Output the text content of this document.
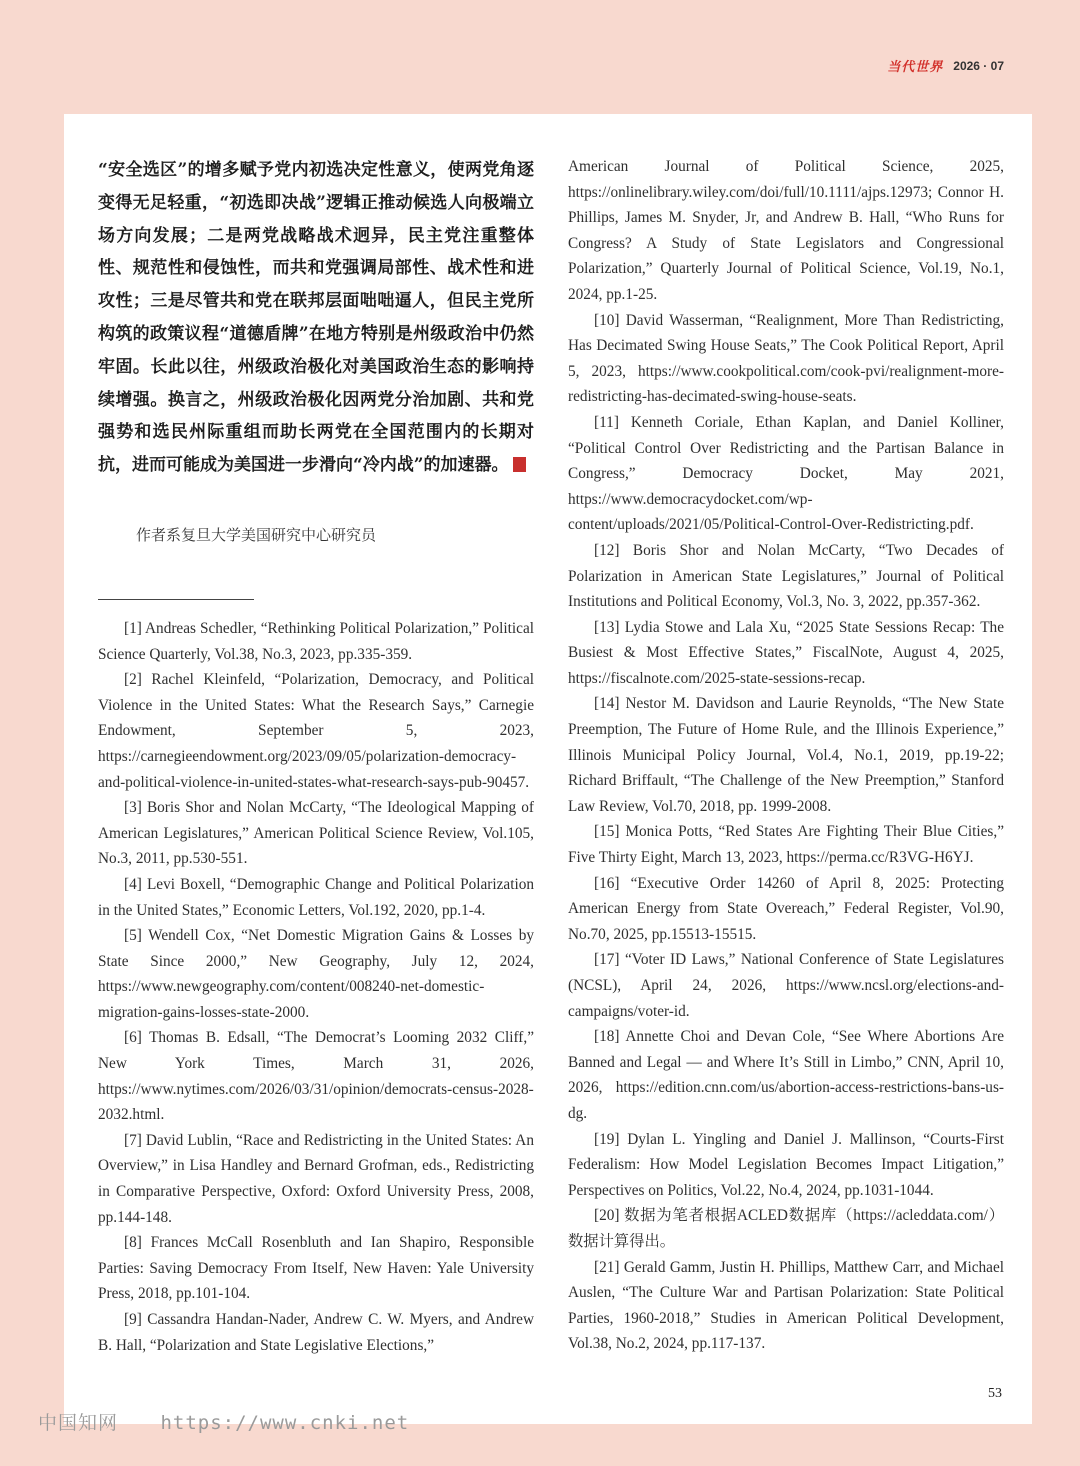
当代世界 2026 · 07

“安全选区”的增多赋予党内初选决定性意义，使两党角逐变得无足轻重，“初选即决战”逻辑正推动候选人向极端立场方向发展；二是两党战略战术迥异，民主党注重整体性、规范性和侵蚀性，而共和党强调局部性、战术性和进攻性；三是尽管共和党在联邦层面咄咄逼人，但民主党所构筑的政策议程“道德盾牌”在地方特别是州级政治中仍然牢固。长此以往，州级政治极化对美国政治生态的影响持续增强。换言之，州级政治极化因两党分治加剧、共和党强势和选民州际重组而助长两党在全国范围内的长期对抗，进而可能成为美国进一步滑向“冷内战”的加速器。

作者系复旦大学美国研究中心研究员

[1] Andreas Schedler, “Rethinking Political Polarization,” Political Science Quarterly, Vol.38, No.3, 2023, pp.335-359.

[2] Rachel Kleinfeld, “Polarization, Democracy, and Political Violence in the United States: What the Research Says,” Carnegie Endowment, September 5, 2023, https://carnegieendowment.org/2023/09/05/polarization-democracy-and-political-violence-in-united-states-what-research-says-pub-90457.

[3] Boris Shor and Nolan McCarty, “The Ideological Mapping of American Legislatures,” American Political Science Review, Vol.105, No.3, 2011, pp.530-551.

[4] Levi Boxell, “Demographic Change and Political Polarization in the United States,” Economic Letters, Vol.192, 2020, pp.1-4.

[5] Wendell Cox, “Net Domestic Migration Gains & Losses by State Since 2000,” New Geography, July 12, 2024, https://www.newgeography.com/content/008240-net-domestic-migration-gains-losses-state-2000.

[6] Thomas B. Edsall, “The Democrat’s Looming 2032 Cliff,” New York Times, March 31, 2026, https://www.nytimes.com/2026/03/31/opinion/democrats-census-2028-2032.html.

[7] David Lublin, “Race and Redistricting in the United States: An Overview,” in Lisa Handley and Bernard Grofman, eds., Redistricting in Comparative Perspective, Oxford: Oxford University Press, 2008, pp.144-148.

[8] Frances McCall Rosenbluth and Ian Shapiro, Responsible Parties: Saving Democracy From Itself, New Haven: Yale University Press, 2018, pp.101-104.

[9] Cassandra Handan-Nader, Andrew C. W. Myers, and Andrew B. Hall, “Polarization and State Legislative Elections,”

American Journal of Political Science, 2025, https://onlinelibrary.wiley.com/doi/full/10.1111/ajps.12973; Connor H. Phillips, James M. Snyder, Jr, and Andrew B. Hall, “Who Runs for Congress? A Study of State Legislators and Congressional Polarization,” Quarterly Journal of Political Science, Vol.19, No.1, 2024, pp.1-25.

[10] David Wasserman, “Realignment, More Than Redistricting, Has Decimated Swing House Seats,” The Cook Political Report, April 5, 2023, https://www.cookpolitical.com/cook-pvi/realignment-more-redistricting-has-decimated-swing-house-seats.

[11] Kenneth Coriale, Ethan Kaplan, and Daniel Kolliner, “Political Control Over Redistricting and the Partisan Balance in Congress,” Democracy Docket, May 2021, https://www.democracydocket.com/wp-content/uploads/2021/05/Political-Control-Over-Redistricting.pdf.

[12] Boris Shor and Nolan McCarty, “Two Decades of Polarization in American State Legislatures,” Journal of Political Institutions and Political Economy, Vol.3, No. 3, 2022, pp.357-362.

[13] Lydia Stowe and Lala Xu, “2025 State Sessions Recap: The Busiest & Most Effective States,” FiscalNote, August 4, 2025, https://fiscalnote.com/2025-state-sessions-recap.

[14] Nestor M. Davidson and Laurie Reynolds, “The New State Preemption, The Future of Home Rule, and the Illinois Experience,” Illinois Municipal Policy Journal, Vol.4, No.1, 2019, pp.19-22; Richard Briffault, “The Challenge of the New Preemption,” Stanford Law Review, Vol.70, 2018, pp. 1999-2008.

[15] Monica Potts, “Red States Are Fighting Their Blue Cities,” Five Thirty Eight, March 13, 2023, https://perma.cc/R3VG-H6YJ.

[16] “Executive Order 14260 of April 8, 2025: Protecting American Energy from State Overeach,” Federal Register, Vol.90, No.70, 2025, pp.15513-15515.

[17] “Voter ID Laws,” National Conference of State Legislatures (NCSL), April 24, 2026, https://www.ncsl.org/elections-and-campaigns/voter-id.

[18] Annette Choi and Devan Cole, “See Where Abortions Are Banned and Legal — and Where It’s Still in Limbo,” CNN, April 10, 2026, https://edition.cnn.com/us/abortion-access-restrictions-bans-us-dg.

[19] Dylan L. Yingling and Daniel J. Mallinson, “Courts-First Federalism: How Model Legislation Becomes Impact Litigation,” Perspectives on Politics, Vol.22, No.4, 2024, pp.1031-1044.

[20] 数据为笔者根据ACLED数据库（https://acleddata.com/）数据计算得出。

[21] Gerald Gamm, Justin H. Phillips, Matthew Carr, and Michael Auslen, “The Culture War and Partisan Polarization: State Political Parties, 1960-2018,” Studies in American Political Development, Vol.38, No.2, 2024, pp.117-137.

53
中国知网 https://www.cnki.net
